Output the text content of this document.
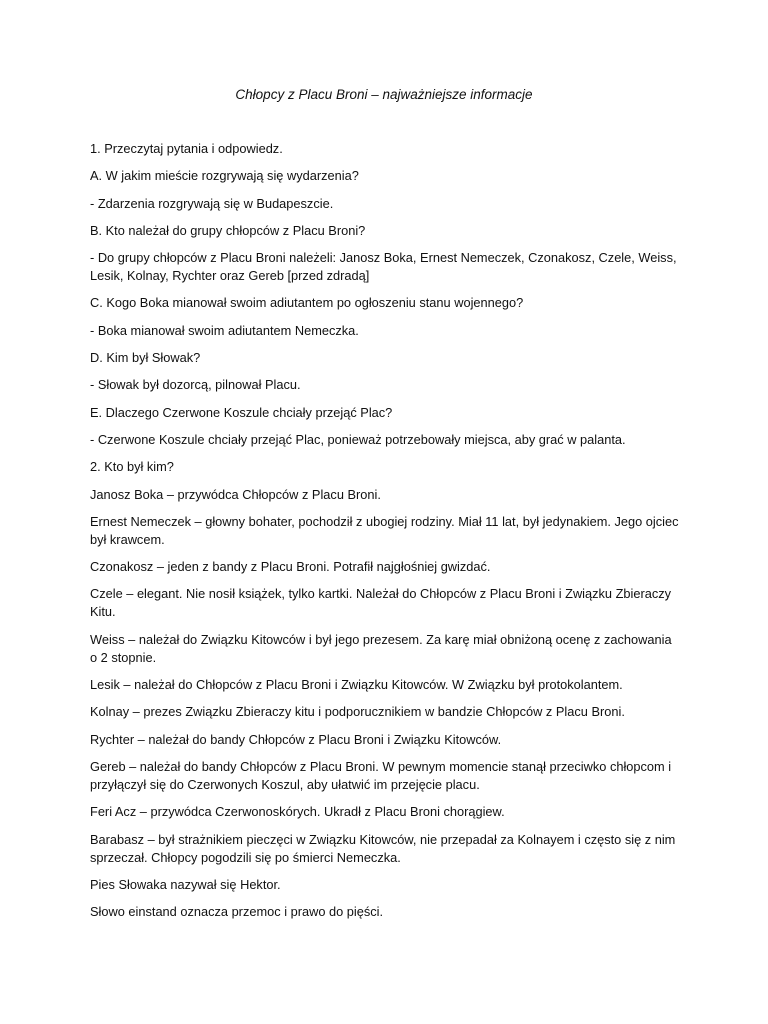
Chłopcy z Placu Broni – najważniejsze informacje

1. Przeczytaj pytania i odpowiedz.

A. W jakim mieście rozgrywają się wydarzenia?

- Zdarzenia rozgrywają się w Budapeszcie.

B. Kto należał do grupy chłopców z Placu Broni?

- Do grupy chłopców z Placu Broni należeli: Janosz Boka, Ernest Nemeczek, Czonakosz, Czele, Weiss, Lesik, Kolnay, Rychter oraz Gereb [przed zdradą]

C. Kogo Boka mianował swoim adiutantem po ogłoszeniu stanu wojennego?

- Boka mianował swoim adiutantem Nemeczka.

D. Kim był Słowak?

- Słowak był dozorcą, pilnował Placu.

E. Dlaczego Czerwone Koszule chciały przejąć Plac?

- Czerwone Koszule chciały przejąć Plac, ponieważ potrzebowały miejsca, aby grać w palanta.

2. Kto był kim?

Janosz Boka – przywódca Chłopców z Placu Broni.

Ernest Nemeczek – głowny bohater, pochodził z ubogiej rodziny. Miał 11 lat, był jedynakiem. Jego ojciec był krawcem.

Czonakosz – jeden z bandy z Placu Broni. Potrafił najgłośniej gwizdać.

Czele – elegant. Nie nosił książek, tylko kartki. Należał do Chłopców z Placu Broni i Związku Zbieraczy Kitu.

Weiss – należał do Związku Kitowców i był jego prezesem. Za karę miał obniżoną ocenę z zachowania o 2 stopnie.

Lesik – należał do Chłopców z Placu Broni i Związku Kitowców. W Związku był protokolantem.

Kolnay – prezes Związku Zbieraczy kitu i podporucznikiem w bandzie Chłopców z Placu Broni.

Rychter – należał do bandy Chłopców z Placu Broni i Związku Kitowców.

Gereb – należał do bandy Chłopców z Placu Broni. W pewnym momencie stanął przeciwko chłopcom i przyłączył się do Czerwonych Koszul, aby ułatwić im przejęcie placu.

Feri Acz – przywódca Czerwonoskórych. Ukradł z Placu Broni chorągiew.

Barabasz – był strażnikiem pieczęci w Związku Kitowców, nie przepadał za Kolnayem i często się z nim sprzeczał. Chłopcy pogodzili się po śmierci Nemeczka.

Pies Słowaka nazywał się Hektor.

Słowo einstand oznacza przemoc i prawo do pięści.
